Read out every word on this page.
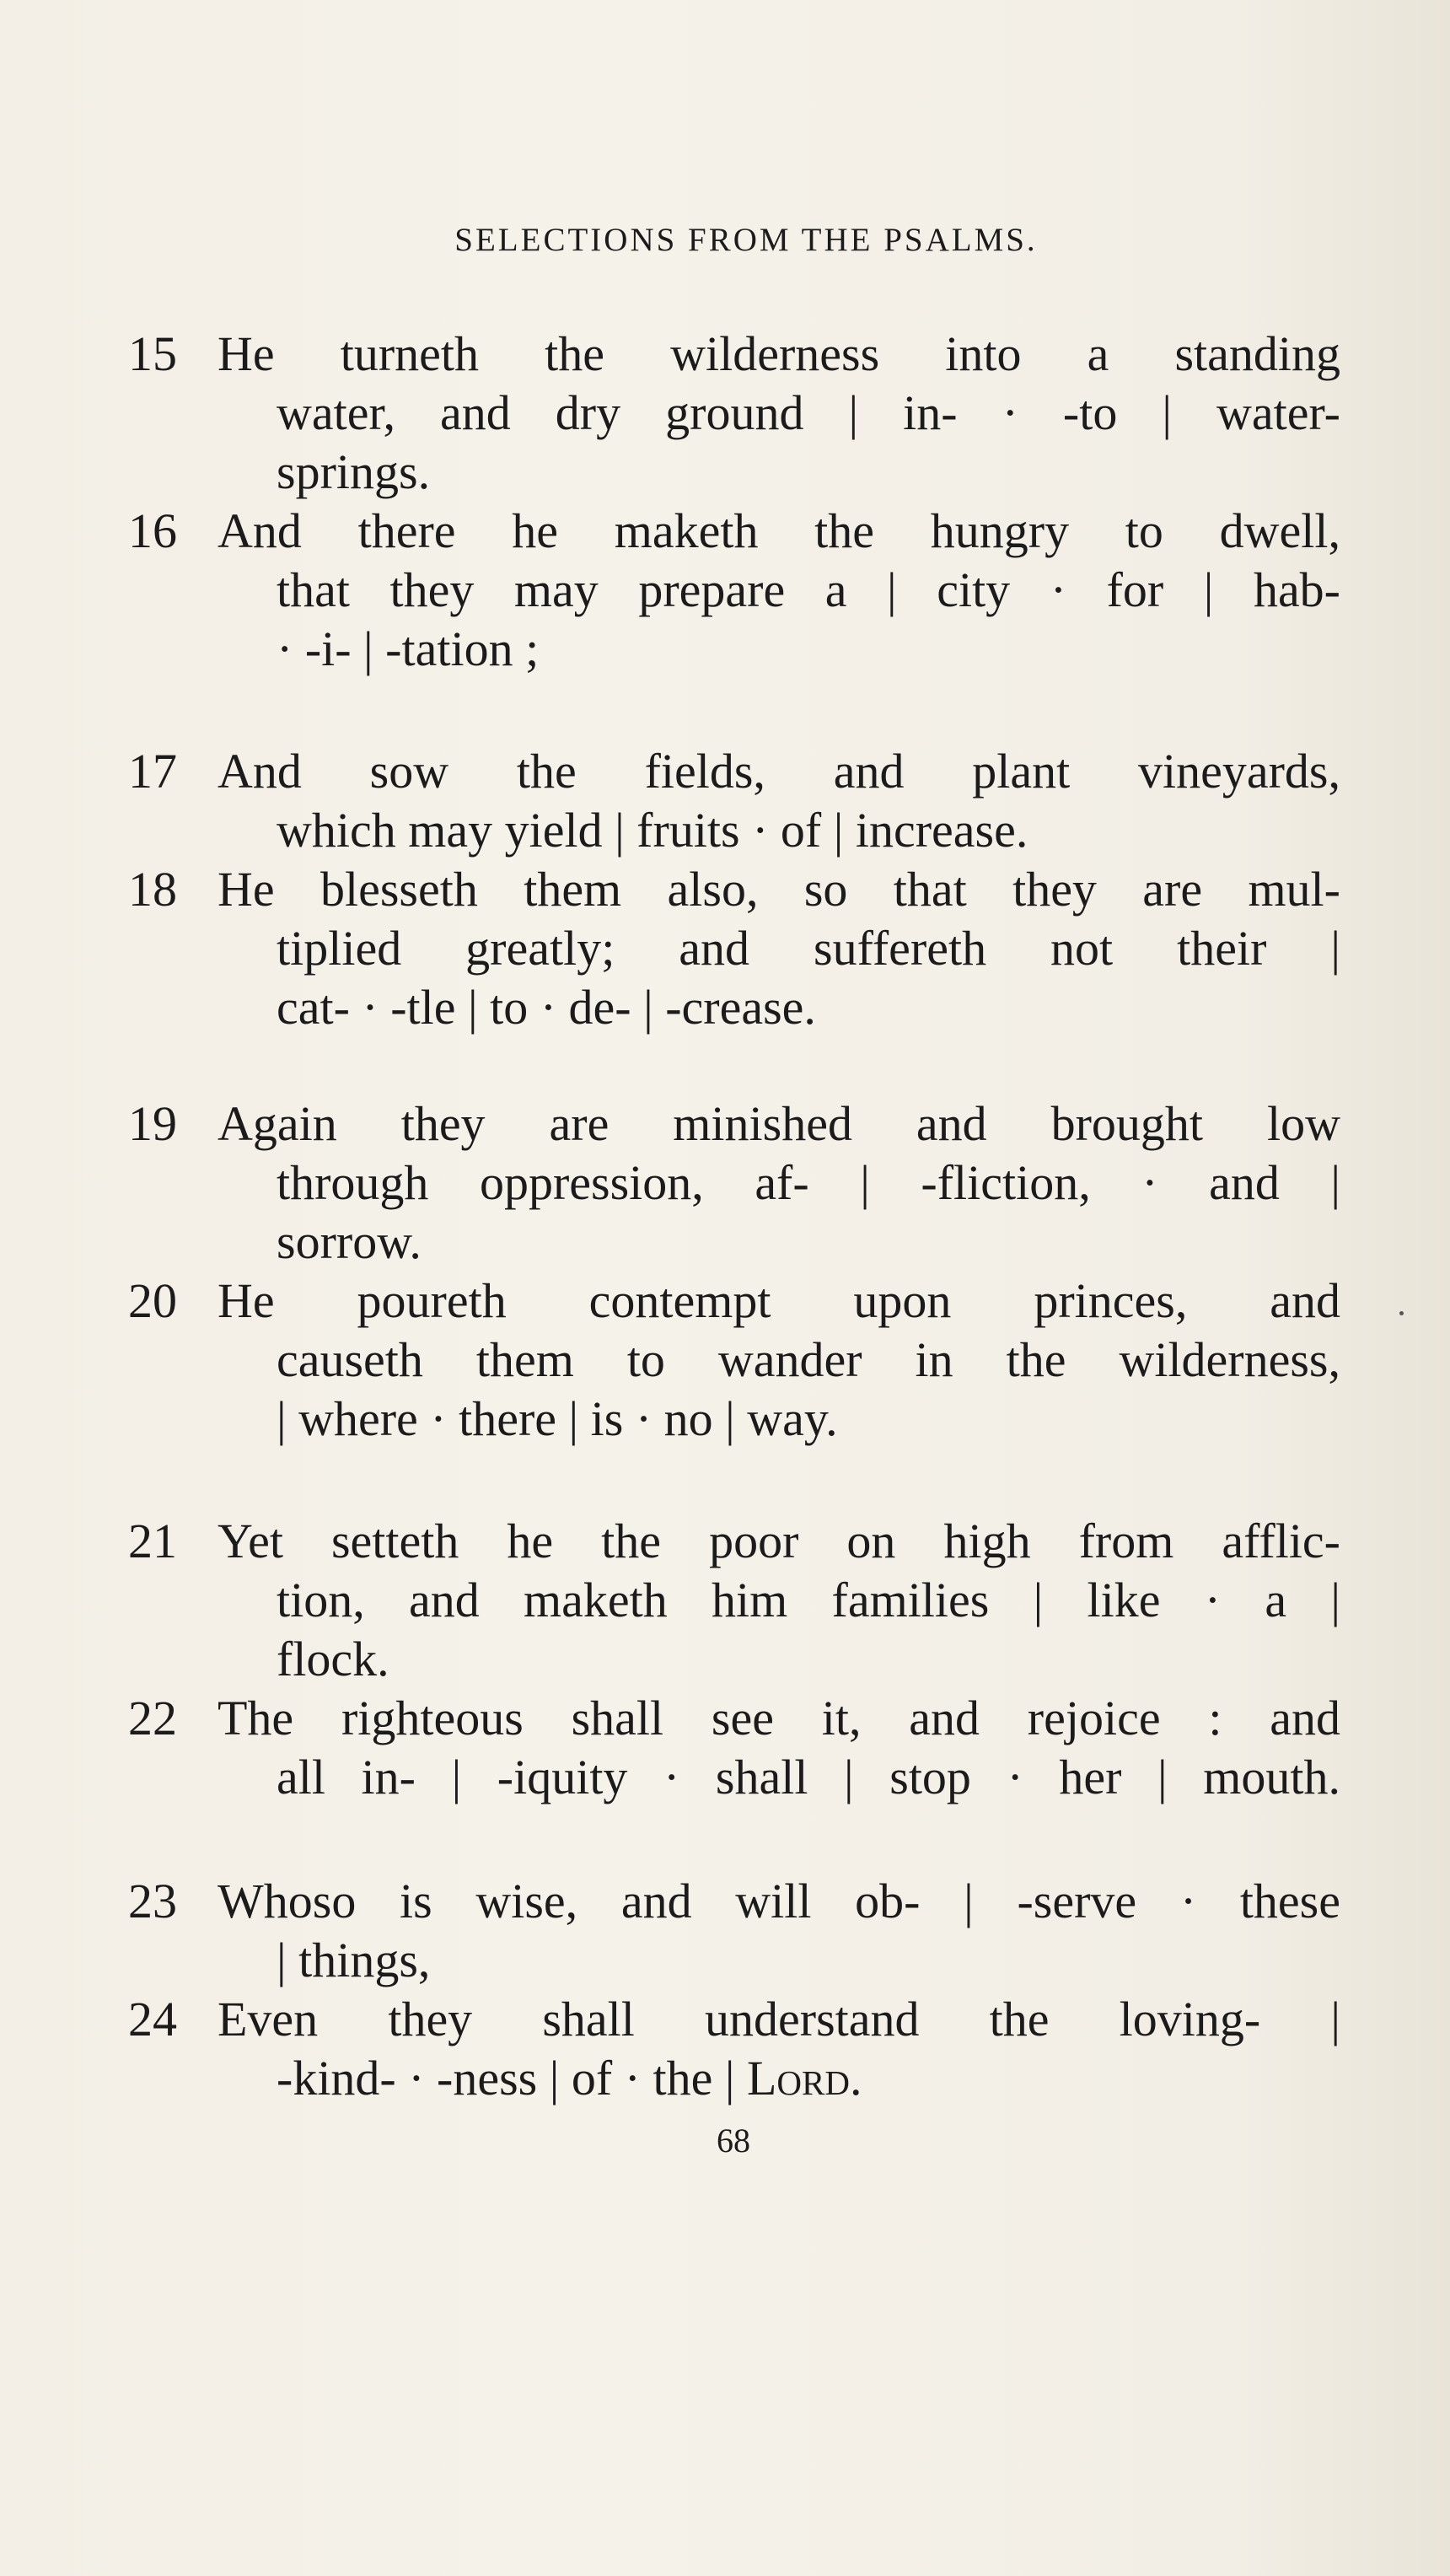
SELECTIONS FROM THE PSALMS.
15 He turneth the wilderness into a standing
water, and dry ground | in- · -to | water-
springs.
16 And there he maketh the hungry to dwell,
that they may prepare a | city · for | hab-
· -i- | -tation ;
17 And sow the fields, and plant vineyards,
which may yield | fruits · of | increase.
18 He blesseth them also, so that they are mul-
tiplied greatly; and suffereth not their |
cat- · -tle | to · de- | -crease.
19 Again they are minished and brought low
through oppression, af- | -fliction, · and |
sorrow.
20 He poureth contempt upon princes, and
causeth them to wander in the wilderness,
| where · there | is · no | way.
21 Yet setteth he the poor on high from afflic-
tion, and maketh him families | like · a |
flock.
22 The righteous shall see it, and rejoice : and
all in- | -iquity · shall | stop · her | mouth.
23 Whoso is wise, and will ob- | -serve · these
| things,
24 Even they shall understand the loving- |
-kind- · -ness | of · the | Lord.
68
